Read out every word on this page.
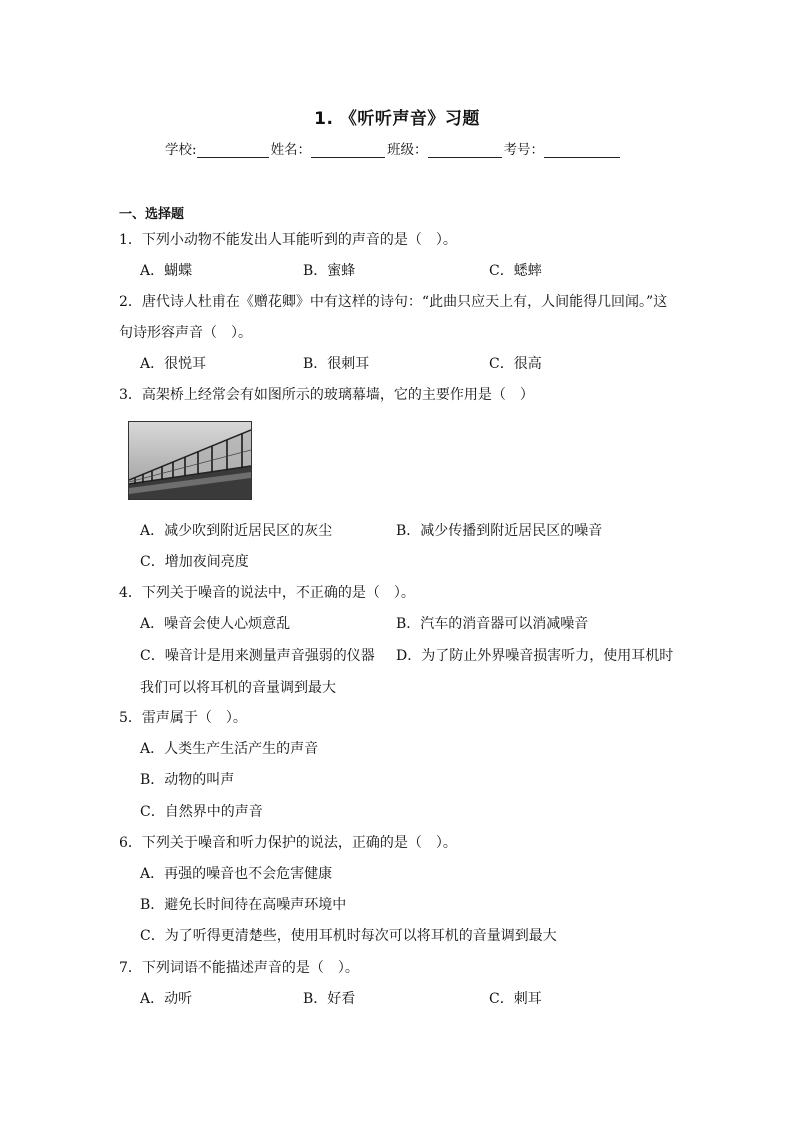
1. 《听听声音》习题
学校:	姓名：	班级：	考号：
一、选择题
1．下列小动物不能发出人耳能听到的声音的是（　）。
A．蝴蝶	B．蜜蜂	C．蟋蟀
2．唐代诗人杜甫在《赠花卿》中有这样的诗句：“此曲只应天上有，人间能得几回闻。”这
句诗形容声音（　）。
A．很悦耳	B．很刺耳	C．很高
3．高架桥上经常会有如图所示的玻璃幕墙，它的主要作用是（　）
A．减少吹到附近居民区的灰尘	B．减少传播到附近居民区的噪音
C．增加夜间亮度
4．下列关于噪音的说法中，不正确的是（　）。
A．噪音会使人心烦意乱	B．汽车的消音器可以消减噪音
C．噪音计是用来测量声音强弱的仪器 D．为了防止外界噪音损害听力，使用耳机时
我们可以将耳机的音量调到最大
5．雷声属于（　）。
A．人类生产生活产生的声音
B．动物的叫声
C．自然界中的声音
6．下列关于噪音和听力保护的说法，正确的是（　）。
A．再强的噪音也不会危害健康
B．避免长时间待在高噪声环境中
C．为了听得更清楚些，使用耳机时每次可以将耳机的音量调到最大
7．下列词语不能描述声音的是（　）。
A．动听	B．好看	C．刺耳
